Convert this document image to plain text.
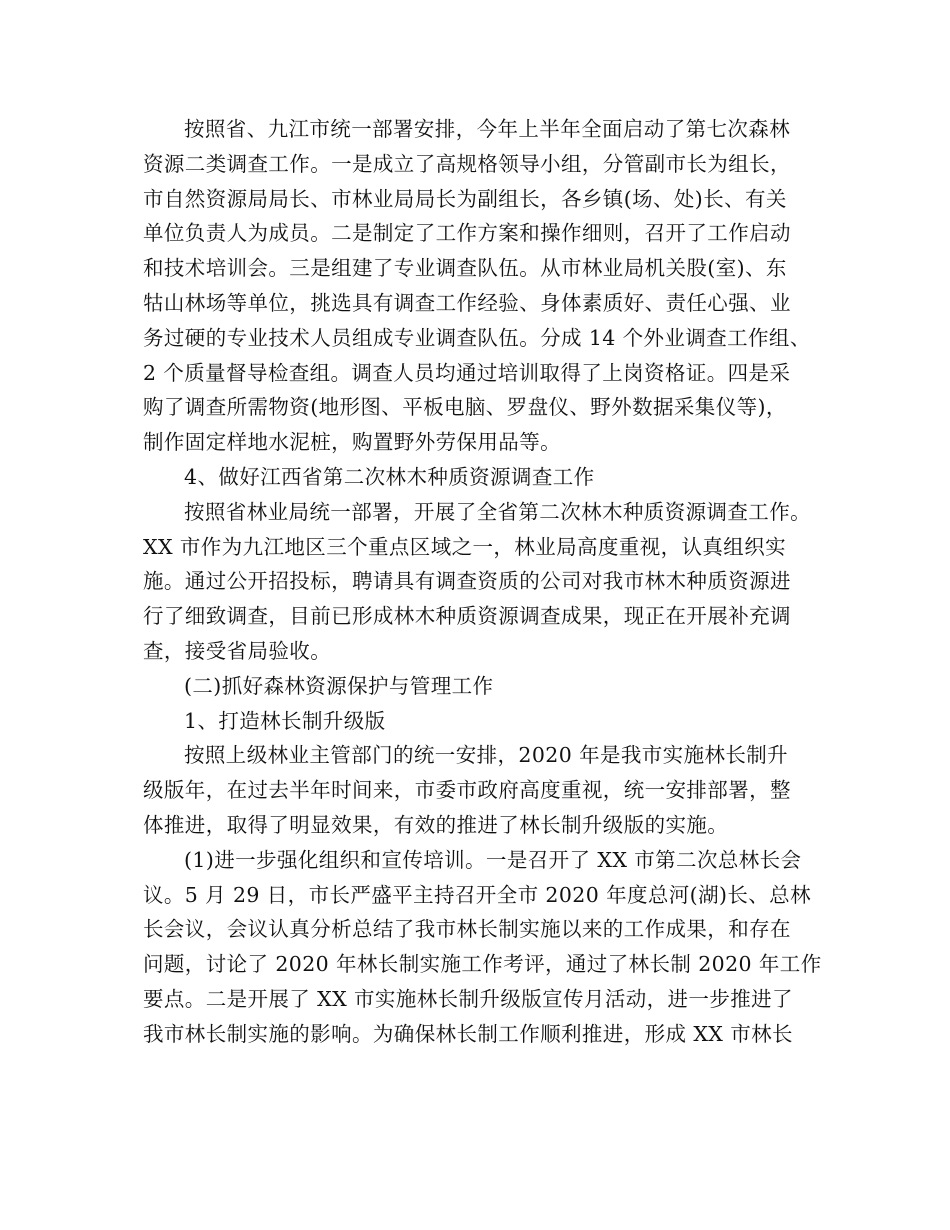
按照省、九江市统一部署安排，今年上半年全面启动了第七次森林
资源二类调查工作。一是成立了高规格领导小组，分管副市长为组长，
市自然资源局局长、市林业局局长为副组长，各乡镇(场、处)长、有关
单位负责人为成员。二是制定了工作方案和操作细则，召开了工作启动
和技术培训会。三是组建了专业调查队伍。从市林业局机关股(室)、东
牯山林场等单位，挑选具有调查工作经验、身体素质好、责任心强、业
务过硬的专业技术人员组成专业调查队伍。分成 14 个外业调查工作组、
2 个质量督导检查组。调查人员均通过培训取得了上岗资格证。四是采
购了调查所需物资(地形图、平板电脑、罗盘仪、野外数据采集仪等)，
制作固定样地水泥桩，购置野外劳保用品等。
4、做好江西省第二次林木种质资源调查工作
按照省林业局统一部署，开展了全省第二次林木种质资源调查工作。
XX 市作为九江地区三个重点区域之一，林业局高度重视，认真组织实
施。通过公开招投标，聘请具有调查资质的公司对我市林木种质资源进
行了细致调查，目前已形成林木种质资源调查成果，现正在开展补充调
查，接受省局验收。
(二)抓好森林资源保护与管理工作
1、打造林长制升级版
按照上级林业主管部门的统一安排，2020 年是我市实施林长制升
级版年，在过去半年时间来，市委市政府高度重视，统一安排部署，整
体推进，取得了明显效果，有效的推进了林长制升级版的实施。
(1)进一步强化组织和宣传培训。一是召开了 XX 市第二次总林长会
议。5 月 29 日，市长严盛平主持召开全市 2020 年度总河(湖)长、总林
长会议，会议认真分析总结了我市林长制实施以来的工作成果，和存在
问题，讨论了 2020 年林长制实施工作考评，通过了林长制 2020 年工作
要点。二是开展了 XX 市实施林长制升级版宣传月活动，进一步推进了
我市林长制实施的影响。为确保林长制工作顺利推进，形成 XX 市林长
